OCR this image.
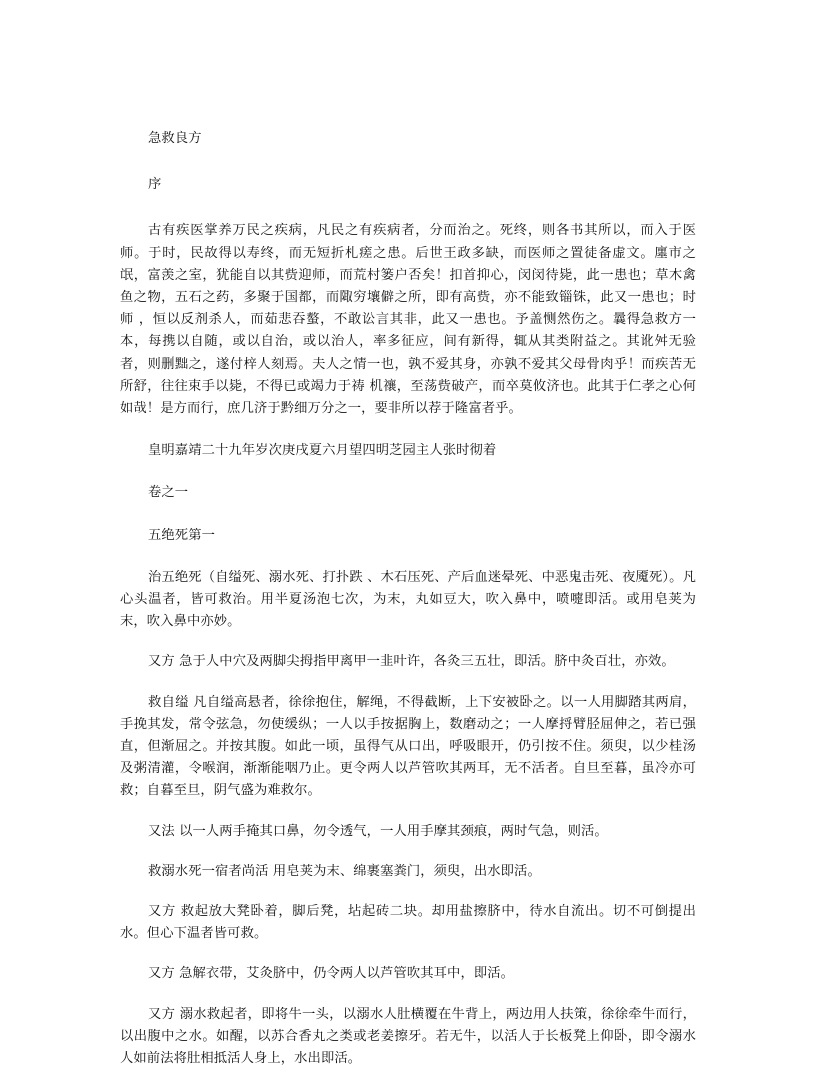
急救良方

序

古有疾医掌养万民之疾病，凡民之有疾病者，分而治之。死终，则各书其所以，而入于医师。于时，民故得以寿终，而无短折札瘥之患。后世王政多缺，而医师之置徒备虚文。廛市之氓，富羡之室，犹能自以其赀迎师，而荒村篓户否矣！扣首抑心，闵闵待毙，此一患也；草木禽鱼之物，五石之药，多聚于国都，而陬穷壤僻之所，即有高赀，亦不能致锱铢，此又一患也；时师 ，恒以反剂杀人，而茹悲吞螯，不敢讼言其非，此又一患也。予盖恻然伤之。曩得急救方一本，每携以自随，或以自治，或以治人，率多征应，间有新得，辄从其类附益之。其讹舛无验者，则删黜之，遂付梓人刻焉。夫人之情一也，孰不爱其身，亦孰不爱其父母骨肉乎！而疾苦无所舒，往往束手以毙，不得已或竭力于祷 机禳，至荡赀破产，而卒莫攸济也。此其于仁孝之心何如哉！是方而行，庶几济于黔细万分之一，要非所以荐于隆富者乎。

皇明嘉靖二十九年岁次庚戌夏六月望四明芝园主人张时彻着

卷之一

五绝死第一

治五绝死（自缢死、溺水死、打扑跌 、木石压死、产后血迷晕死、中恶鬼击死、夜魇死）。凡心头温者，皆可救治。用半夏汤泡七次，为末，丸如豆大，吹入鼻中，喷嚏即活。或用皂荚为末，吹入鼻中亦妙。

又方 急于人中穴及两脚尖拇指甲离甲一韭叶许，各灸三五壮，即活。脐中灸百壮，亦效。

救自缢 凡自缢高悬者，徐徐抱住，解绳，不得截断，上下安被卧之。以一人用脚踏其两肩，手挽其发，常令弦急，勿使缓纵；一人以手按据胸上，数磨动之；一人摩捋臂胫屈伸之，若已强直，但渐屈之。并按其腹。如此一顷，虽得气从口出，呼吸眼开，仍引按不住。须臾，以少桂汤及粥清灌，令喉润，渐渐能咽乃止。更令两人以芦管吹其两耳，无不活者。自旦至暮，虽冷亦可救；自暮至旦，阴气盛为难救尔。

又法 以一人两手掩其口鼻，勿令透气，一人用手摩其颈痕，两时气急，则活。

救溺水死一宿者尚活 用皂荚为末、绵裹塞粪门，须臾，出水即活。

又方 救起放大凳卧着，脚后凳，坫起砖二块。却用盐擦脐中，待水自流出。切不可倒提出水。但心下温者皆可救。

又方 急解衣带，艾灸脐中，仍令两人以芦管吹其耳中，即活。

又方 溺水救起者，即将牛一头，以溺水人肚横覆在牛背上，两边用人扶策，徐徐牵牛而行，以出腹中之水。如醒，以苏合香丸之类或老姜擦牙。若无牛，以活人于长板凳上仰卧，即令溺水人如前法将肚相抵活人身上，水出即活。
